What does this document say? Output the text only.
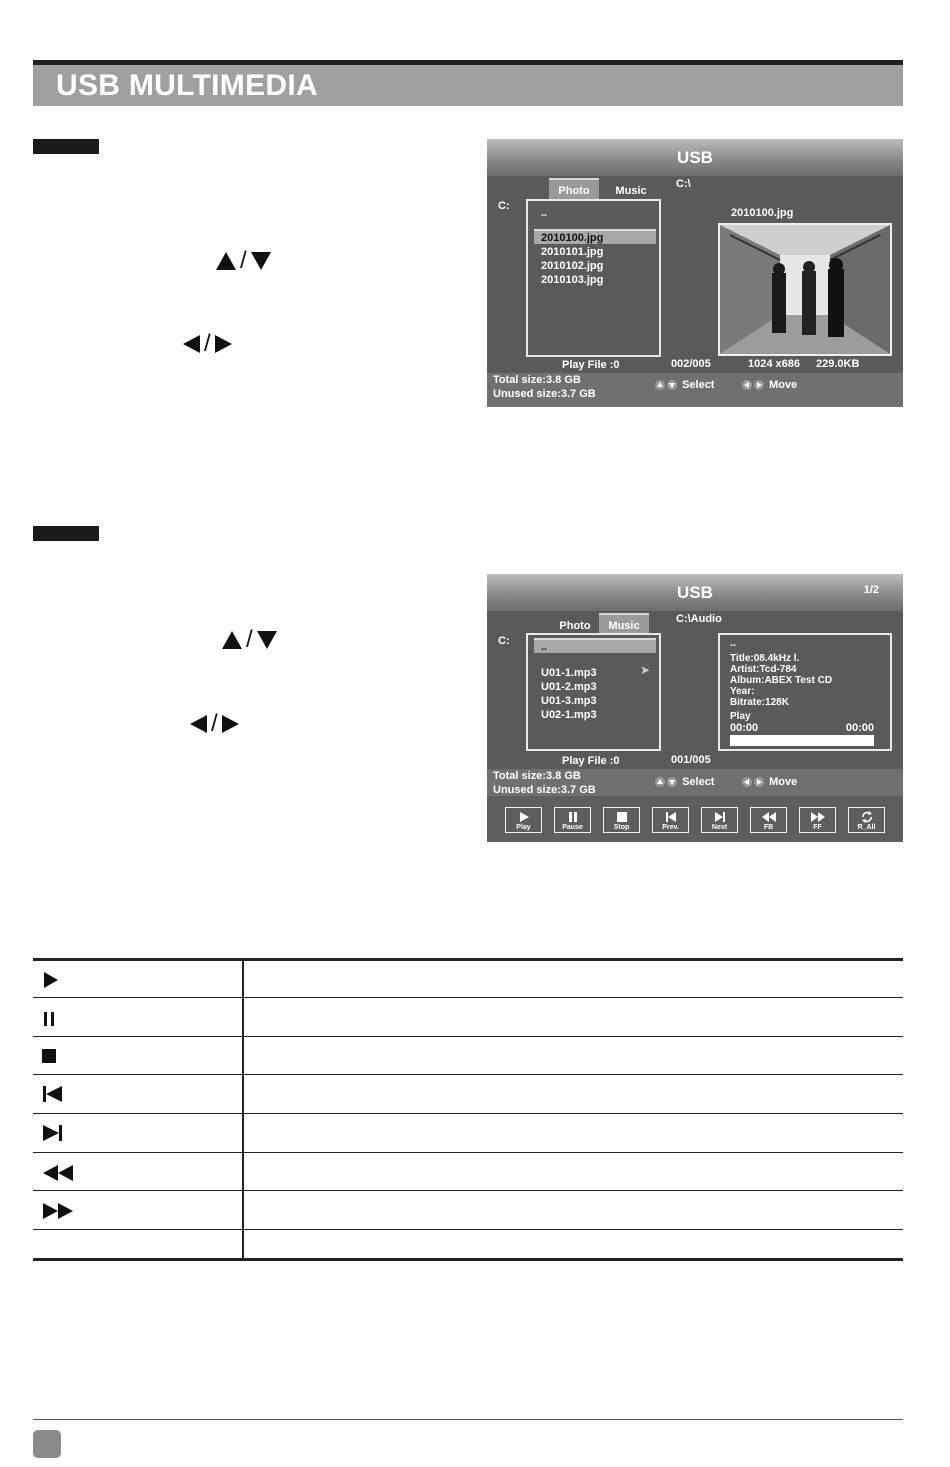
USB MULTIMEDIA
/
/
USB
Photo	Music
C:\
C:
..
2010100.jpg
2010101.jpg
2010102.jpg
2010103.jpg
2010100.jpg
Play File :0	002/005	1024 x686 229.0KB
Total size:3.8 GB
Unused size:3.7 GB
Select	Move
/
/
USB	1/2
Photo	Music
C:\Audio
C:	..
U01-1.mp3
U01-2.mp3
U01-3.mp3
U02-1.mp3
➤
..
Title:08.4kHz l.
Artist:Tcd-784
Album:ABEX Test CD
Year:
Bitrate:128K
Play
00:00	00:00
Play File :0	001/005
Total size:3.8 GB
Unused size:3.7 GB
Select	Move
Play	Pause	Stop	Prev.	Next	FB	FF	R_All
